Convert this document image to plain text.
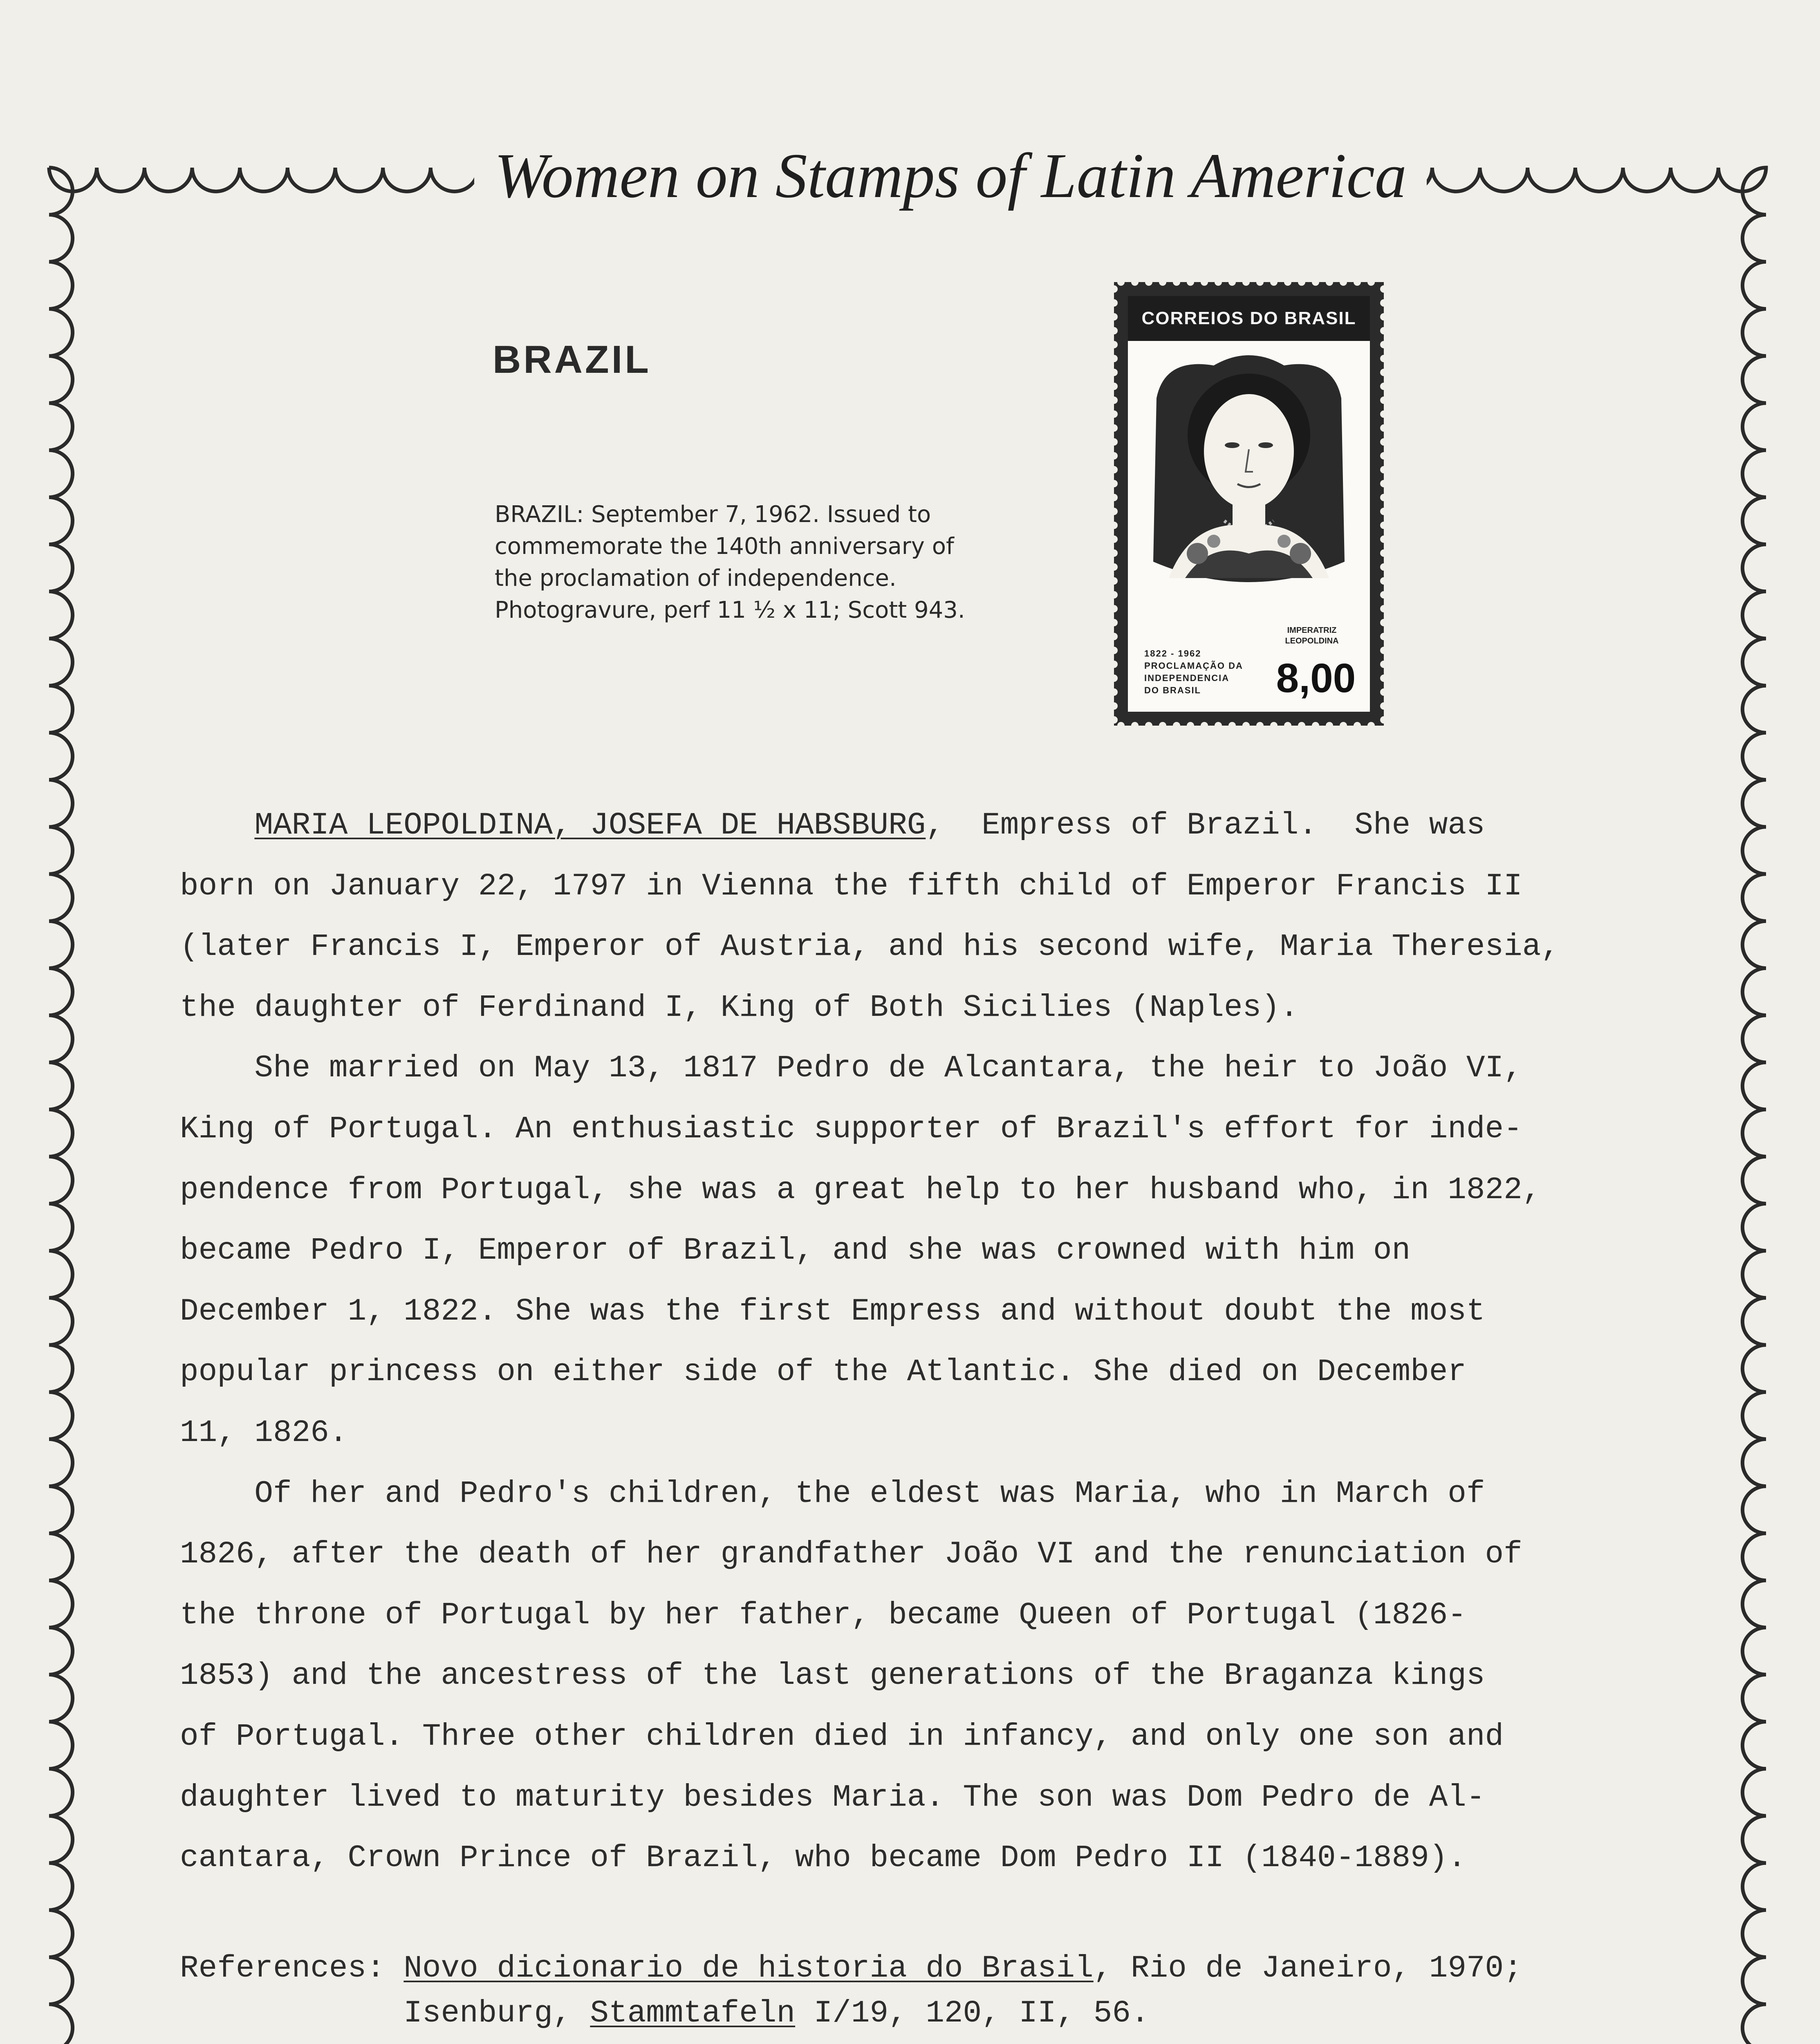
Women on Stamps of Latin America
BRAZIL
BRAZIL: September 7, 1962. Issued to
commemorate the 140th anniversary of
the proclamation of independence.
Photogravure, perf 11 ½ x 11; Scott 943.
CORREIOS DO BRASIL
IMPERATRIZ
LEOPOLDINA
1822 - 1962
PROCLAMAÇÃO DA
INDEPENDENCIA
DO BRASIL	8,00
MARIA LEOPOLDINA, JOSEFA DE HABSBURG,  Empress of Brazil.  She was
born on January 22, 1797 in Vienna the fifth child of Emperor Francis II
(later Francis I, Emperor of Austria, and his second wife, Maria Theresia,
the daughter of Ferdinand I, King of Both Sicilies (Naples).
She married on May 13, 1817 Pedro de Alcantara, the heir to João VI,
King of Portugal. An enthusiastic supporter of Brazil's effort for inde-
pendence from Portugal, she was a great help to her husband who, in 1822,
became Pedro I, Emperor of Brazil, and she was crowned with him on
December 1, 1822. She was the first Empress and without doubt the most
popular princess on either side of the Atlantic. She died on December
11, 1826.
Of her and Pedro's children, the eldest was Maria, who in March of
1826, after the death of her grandfather João VI and the renunciation of
the throne of Portugal by her father, became Queen of Portugal (1826-
1853) and the ancestress of the last generations of the Braganza kings
of Portugal. Three other children died in infancy, and only one son and
daughter lived to maturity besides Maria. The son was Dom Pedro de Al-
cantara, Crown Prince of Brazil, who became Dom Pedro II (1840-1889).
References: Novo dicionario de historia do Brasil, Rio de Janeiro, 1970;
Isenburg, Stammtafeln I/19, 120, II, 56.
